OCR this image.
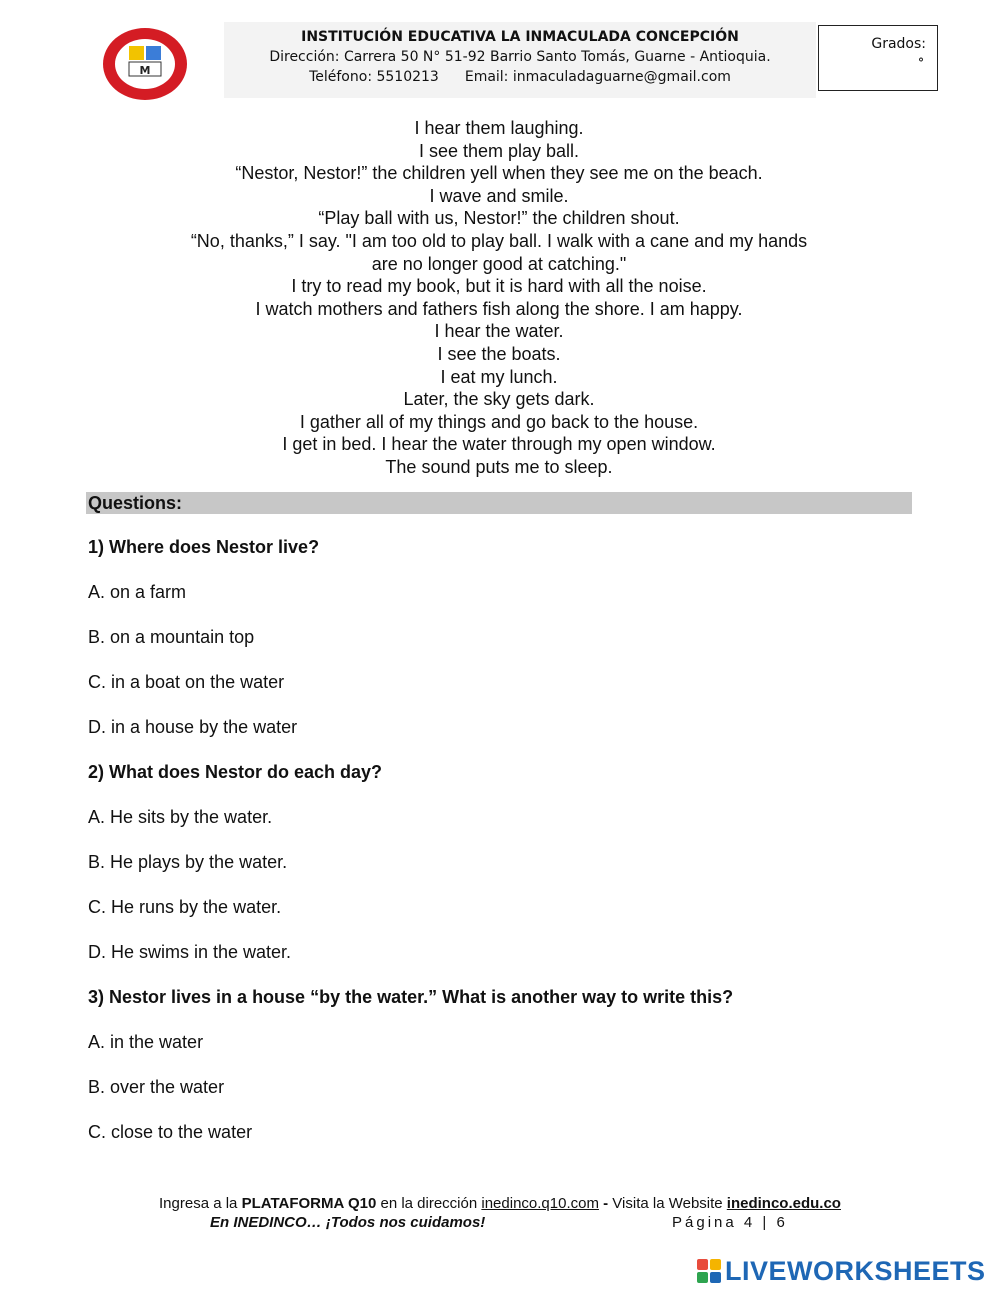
M
INSTITUCIÓN EDUCATIVA LA INMACULADA CONCEPCIÓN
Dirección: Carrera 50 N° 51-92 Barrio Santo Tomás, Guarne - Antioquia.
Teléfono: 5510213 Email: inmaculadaguarne@gmail.com
Grados:
°
I hear them laughing.
I see them play ball.
“Nestor, Nestor!” the children yell when they see me on the beach.
I wave and smile.
“Play ball with us, Nestor!” the children shout.
“No, thanks,” I say. "I am too old to play ball. I walk with a cane and my hands
are no longer good at catching."
I try to read my book, but it is hard with all the noise.
I watch mothers and fathers fish along the shore. I am happy.
I hear the water.
I see the boats.
I eat my lunch.
Later, the sky gets dark.
I gather all of my things and go back to the house.
I get in bed. I hear the water through my open window.
The sound puts me to sleep.
Questions:
1) Where does Nestor live?
A. on a farm
B. on a mountain top
C. in a boat on the water
D. in a house by the water
2) What does Nestor do each day?
A. He sits by the water.
B. He plays by the water.
C. He runs by the water.
D. He swims in the water.
3) Nestor lives in a house “by the water.” What is another way to write this?
A. in the water
B. over the water
C. close to the water
Ingresa a la PLATAFORMA Q10 en la dirección inedinco.q10.com - Visita la Website inedinco.edu.co
En INEDINCO… ¡Todos nos cuidamos!	Página 4 | 6
LIVEWORKSHEETS
